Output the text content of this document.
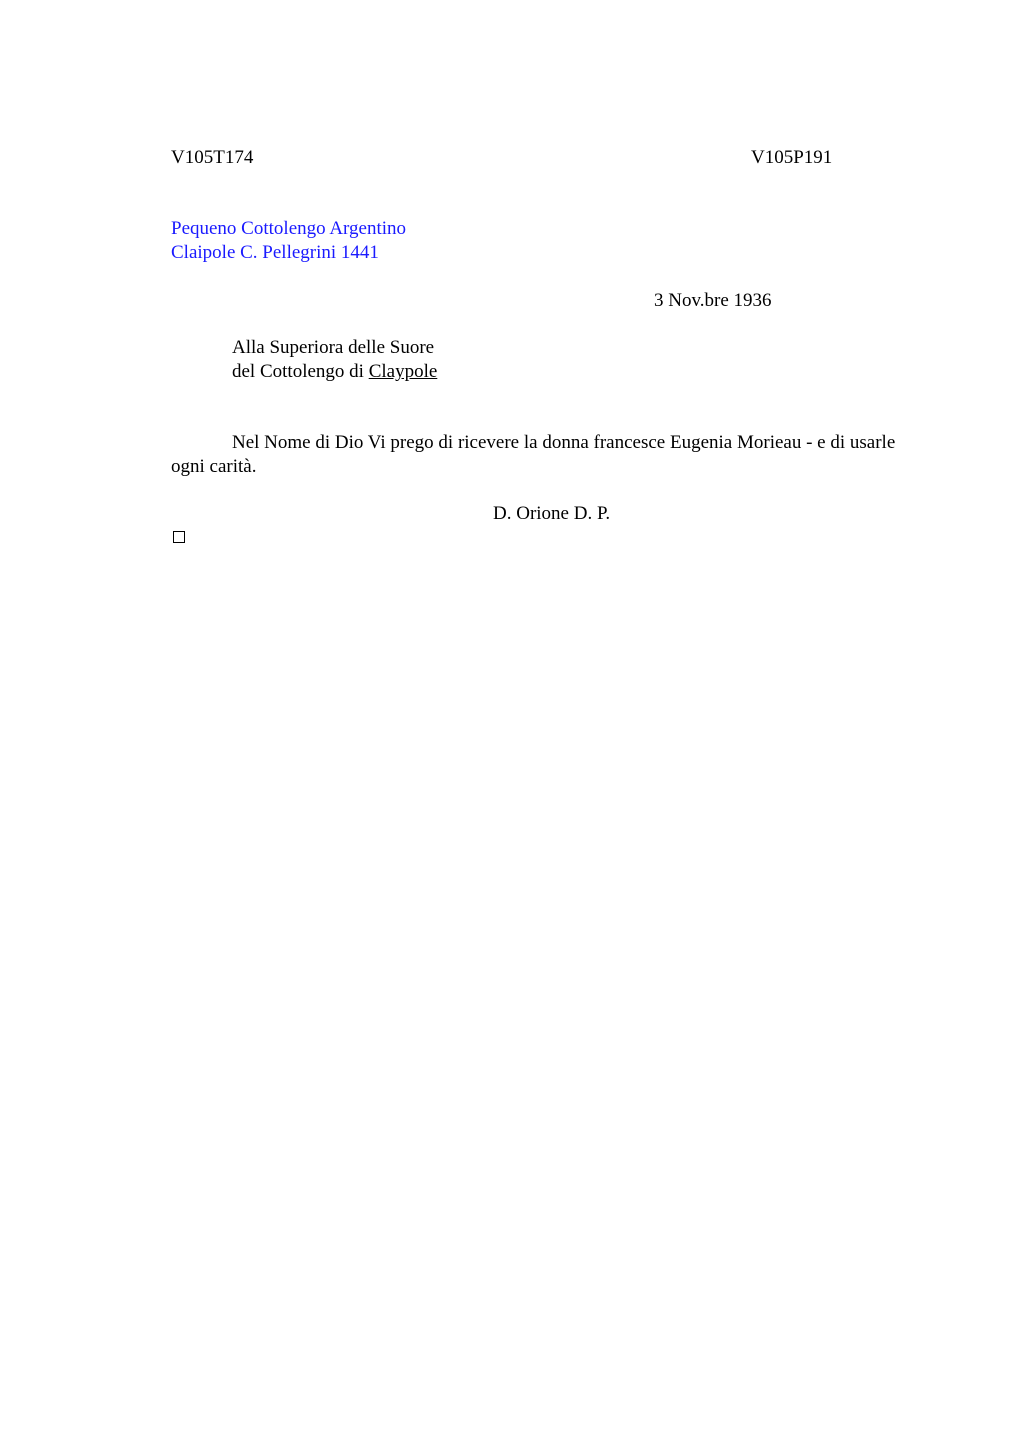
V105T174	V105P191
Pequeno Cottolengo Argentino
Claipole C. Pellegrini 1441
3 Nov.bre 1936
Alla Superiora delle Suore
del Cottolengo di Claypole
Nel Nome di Dio Vi prego di ricevere la donna francesce Eugenia Morieau - e di usarle ogni carità.
D. Orione D. P.
